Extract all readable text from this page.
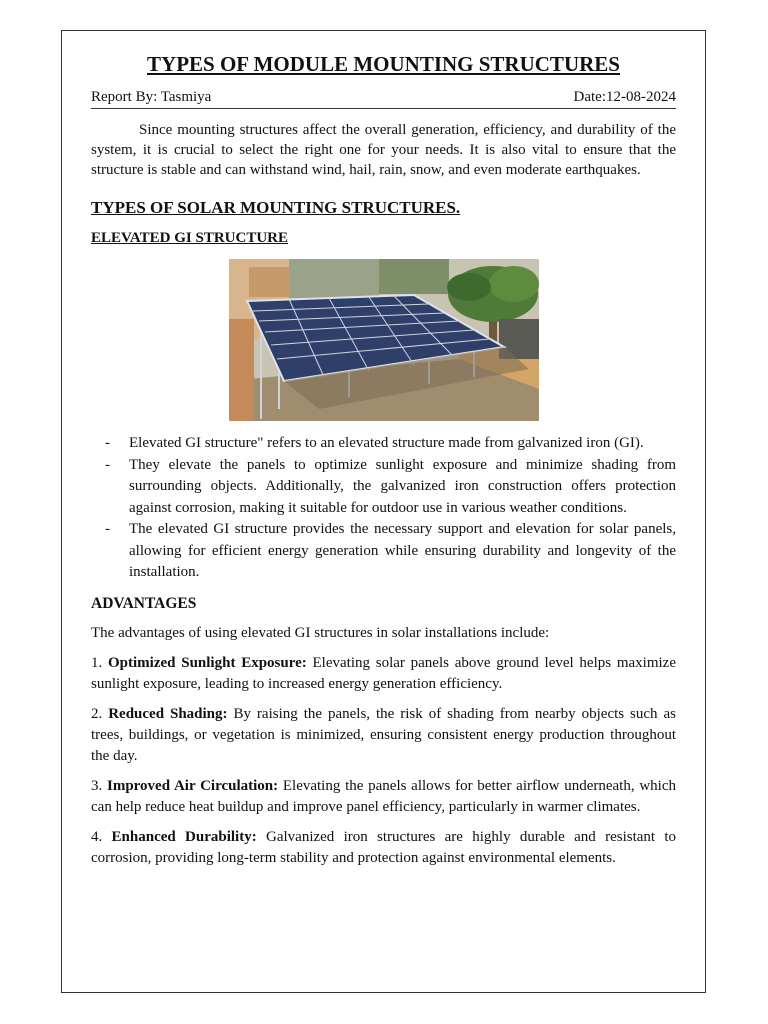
TYPES OF MODULE MOUNTING STRUCTURES
Report By: Tasmiya	Date:12-08-2024

Since mounting structures affect the overall generation, efficiency, and durability of the system, it is crucial to select the right one for your needs. It is also vital to ensure that the structure is stable and can withstand wind, hail, rain, snow, and even moderate earthquakes.

TYPES OF SOLAR MOUNTING STRUCTURES.
ELEVATED GI STRUCTURE
- Elevated GI structure" refers to an elevated structure made from galvanized iron (GI).
- They elevate the panels to optimize sunlight exposure and minimize shading from surrounding objects. Additionally, the galvanized iron construction offers protection against corrosion, making it suitable for outdoor use in various weather conditions.
- The elevated GI structure provides the necessary support and elevation for solar panels, allowing for efficient energy generation while ensuring durability and longevity of the installation.
ADVANTAGES

The advantages of using elevated GI structures in solar installations include:

1. Optimized Sunlight Exposure: Elevating solar panels above ground level helps maximize sunlight exposure, leading to increased energy generation efficiency.

2. Reduced Shading: By raising the panels, the risk of shading from nearby objects such as trees, buildings, or vegetation is minimized, ensuring consistent energy production throughout the day.

3. Improved Air Circulation: Elevating the panels allows for better airflow underneath, which can help reduce heat buildup and improve panel efficiency, particularly in warmer climates.

4. Enhanced Durability: Galvanized iron structures are highly durable and resistant to corrosion, providing long-term stability and protection against environmental elements.
